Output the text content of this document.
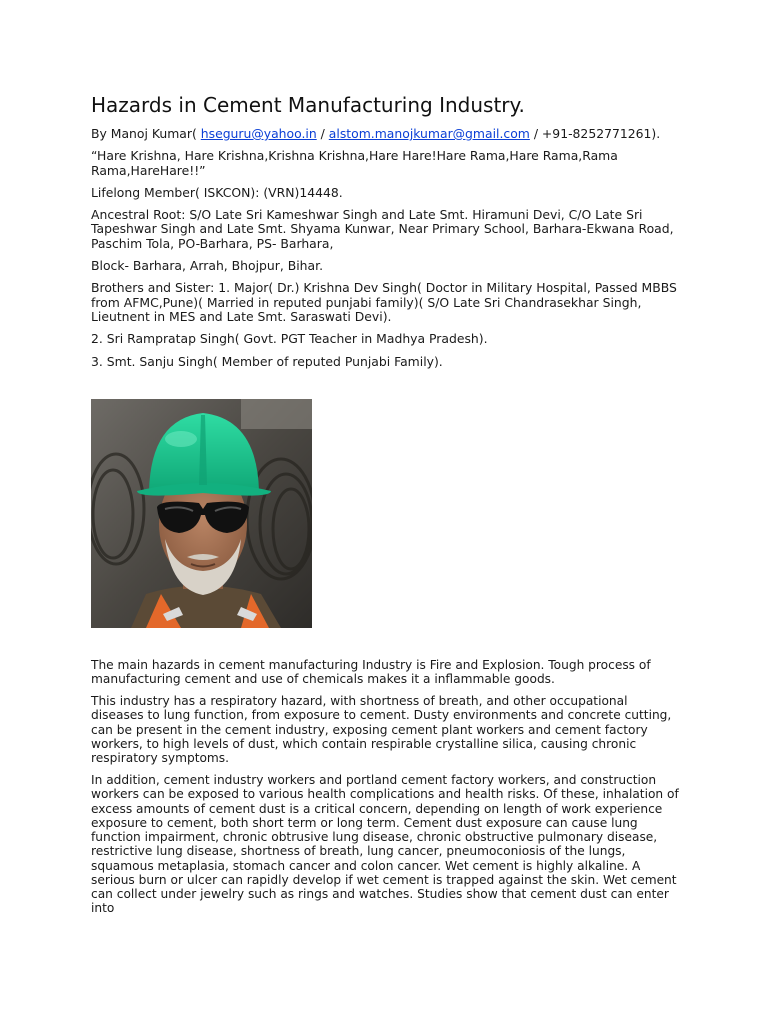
Hazards in Cement Manufacturing Industry.

By Manoj Kumar( hseguru@yahoo.in / alstom.manojkumar@gmail.com / +91-8252771261).

“Hare Krishna, Hare Krishna,Krishna Krishna,Hare Hare!Hare Rama,Hare Rama,Rama Rama,HareHare!!”

Lifelong Member( ISKCON): (VRN)14448.

Ancestral Root: S/O Late Sri Kameshwar Singh and Late Smt. Hiramuni Devi, C/O Late Sri Tapeshwar Singh and Late Smt. Shyama Kunwar, Near Primary School, Barhara-Ekwana Road, Paschim Tola, PO-Barhara, PS- Barhara,

Block- Barhara, Arrah, Bhojpur, Bihar.

Brothers and Sister: 1. Major( Dr.) Krishna Dev Singh( Doctor in Military Hospital, Passed MBBS from AFMC,Pune)( Married in reputed punjabi family)( S/O Late Sri Chandrasekhar Singh, Lieutnent in MES and Late Smt. Saraswati Devi).

2. Sri Rampratap Singh( Govt. PGT Teacher in Madhya Pradesh).

3. Smt. Sanju Singh( Member of reputed Punjabi Family).

The main hazards in cement manufacturing Industry is Fire and Explosion. Tough process of manufacturing cement and use of chemicals makes it a inflammable goods.

This industry has a respiratory hazard, with shortness of breath, and other occupational diseases to lung function, from exposure to cement. Dusty environments and concrete cutting, can be present in the cement industry, exposing cement plant workers and cement factory workers, to high levels of dust, which contain respirable crystalline silica, causing chronic respiratory symptoms.

In addition, cement industry workers and portland cement factory workers, and construction workers can be exposed to various health complications and health risks. Of these, inhalation of excess amounts of cement dust is a critical concern, depending on length of work experience exposure to cement, both short term or long term. Cement dust exposure can cause lung function impairment, chronic obtrusive lung disease, chronic obstructive pulmonary disease, restrictive lung disease, shortness of breath, lung cancer, pneumoconiosis of the lungs, squamous metaplasia, stomach cancer and colon cancer. Wet cement is highly alkaline. A serious burn or ulcer can rapidly develop if wet cement is trapped against the skin. Wet cement can collect under jewelry such as rings and watches. Studies show that cement dust can enter into
